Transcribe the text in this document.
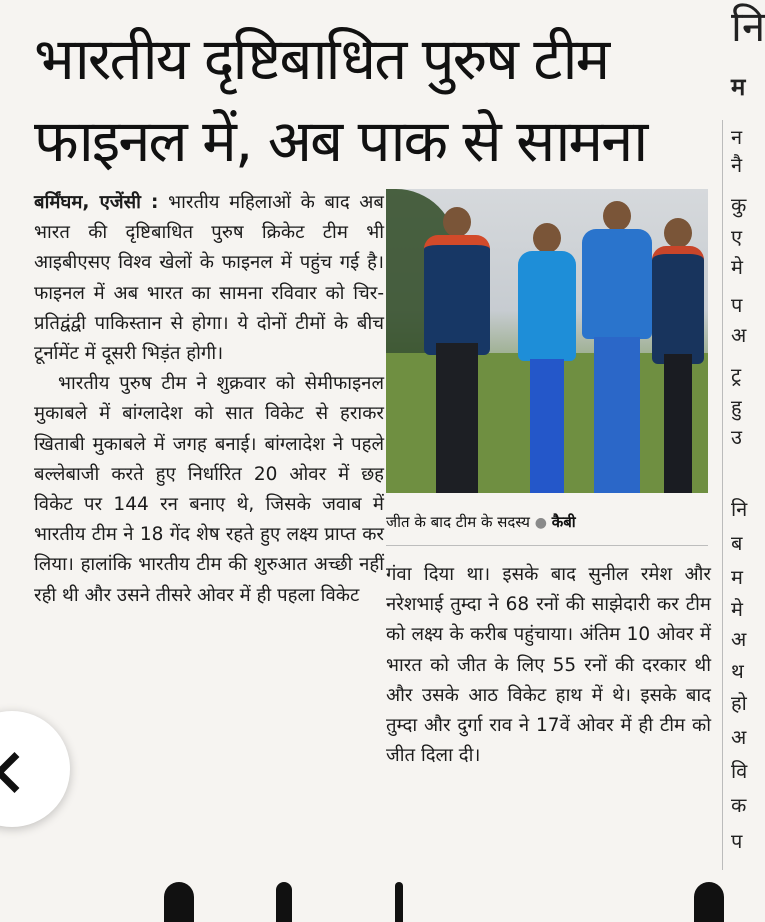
भारतीय दृष्टिबाधित पुरुष टीम
फाइनल में, अब पाक से सामना

बर्मिंघम, एजेंसी : भारतीय महिलाओं के बाद अब भारत की दृष्टिबाधित पुरुष क्रिकेट टीम भी आइबीएसए विश्व खेलों के फाइनल में पहुंच गई है। फाइनल में अब भारत का सामना रविवार को चिर-प्रतिद्वंद्वी पाकिस्तान से होगा। ये दोनों टीमों के बीच टूर्नामेंट में दूसरी भिड़ंत होगी।

भारतीय पुरुष टीम ने शुक्रवार को सेमीफाइनल मुकाबले में बांग्लादेश को सात विकेट से हराकर खिताबी मुकाबले में जगह बनाई। बांग्लादेश ने पहले बल्लेबाजी करते हुए निर्धारित 20 ओवर में छह विकेट पर 144 रन बनाए थे, जिसके जवाब में भारतीय टीम ने 18 गेंद शेष रहते हुए लक्ष्य प्राप्त कर लिया। हालांकि भारतीय टीम की शुरुआत अच्छी नहीं रही थी और उसने तीसरे ओवर में ही पहला विकेट

जीत के बाद टीम के सदस्य ● कैबी

गंवा दिया था। इसके बाद सुनील रमेश और नरेशभाई तुम्दा ने 68 रनों की साझेदारी कर टीम को लक्ष्य के करीब पहुंचाया। अंतिम 10 ओवर में भारत को जीत के लिए 55 रनों की दरकार थी और उसके आठ विकेट हाथ में थे। इसके बाद तुम्दा और दुर्गा राव ने 17वें ओवर में ही टीम को जीत दिला दी।

नि
म
न
नै
कु
ए
मे
प
अ
ट्र
हु
उ
नि
ब
म
मे
अ
थ
हो
अ
वि
क
प
